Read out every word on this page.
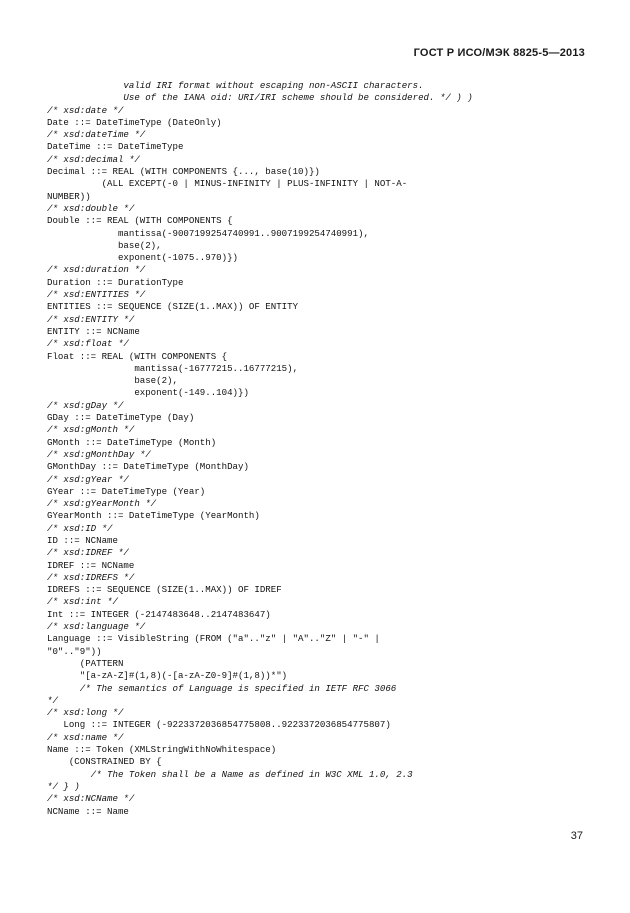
ГОСТ Р ИСО/МЭК 8825-5—2013
valid IRI format without escaping non-ASCII characters.
Use of the IANA oid: URI/IRI scheme should be considered. */ ) )
/* xsd:date */
Date ::= DateTimeType (DateOnly)
/* xsd:dateTime */
DateTime ::= DateTimeType
/* xsd:decimal */
Decimal ::= REAL (WITH COMPONENTS {..., base(10)})
(ALL EXCEPT(-0 | MINUS-INFINITY | PLUS-INFINITY | NOT-A-
NUMBER))
/* xsd:double */
Double ::= REAL (WITH COMPONENTS {
mantissa(-9007199254740991..9007199254740991),
base(2),
exponent(-1075..970)})
/* xsd:duration */
Duration ::= DurationType
/* xsd:ENTITIES */
ENTITIES ::= SEQUENCE (SIZE(1..MAX)) OF ENTITY
/* xsd:ENTITY */
ENTITY ::= NCName
/* xsd:float */
Float ::= REAL (WITH COMPONENTS {
mantissa(-16777215..16777215),
base(2),
exponent(-149..104)})
/* xsd:gDay */
GDay ::= DateTimeType (Day)
/* xsd:gMonth */
GMonth ::= DateTimeType (Month)
/* xsd:gMonthDay */
GMonthDay ::= DateTimeType (MonthDay)
/* xsd:gYear */
GYear ::= DateTimeType (Year)
/* xsd:gYearMonth */
GYearMonth ::= DateTimeType (YearMonth)
/* xsd:ID */
ID ::= NCName
/* xsd:IDREF */
IDREF ::= NCName
/* xsd:IDREFS */
IDREFS ::= SEQUENCE (SIZE(1..MAX)) OF IDREF
/* xsd:int */
Int ::= INTEGER (-2147483648..2147483647)
/* xsd:language */
Language ::= VisibleString (FROM ("a".."z" | "A".."Z" | "-" |
"0".."9"))
(PATTERN
"[a-zA-Z]#(1,8)(-[a-zA-Z0-9]#(1,8))*")
/* The semantics of Language is specified in IETF RFC 3066
*/
/* xsd:long */
Long ::= INTEGER (-9223372036854775808..9223372036854775807)
/* xsd:name */
Name ::= Token (XMLStringWithNoWhitespace)
(CONSTRAINED BY {
/* The Token shall be a Name as defined in W3C XML 1.0, 2.3
*/ } )
/* xsd:NCName */
NCName ::= Name
37
